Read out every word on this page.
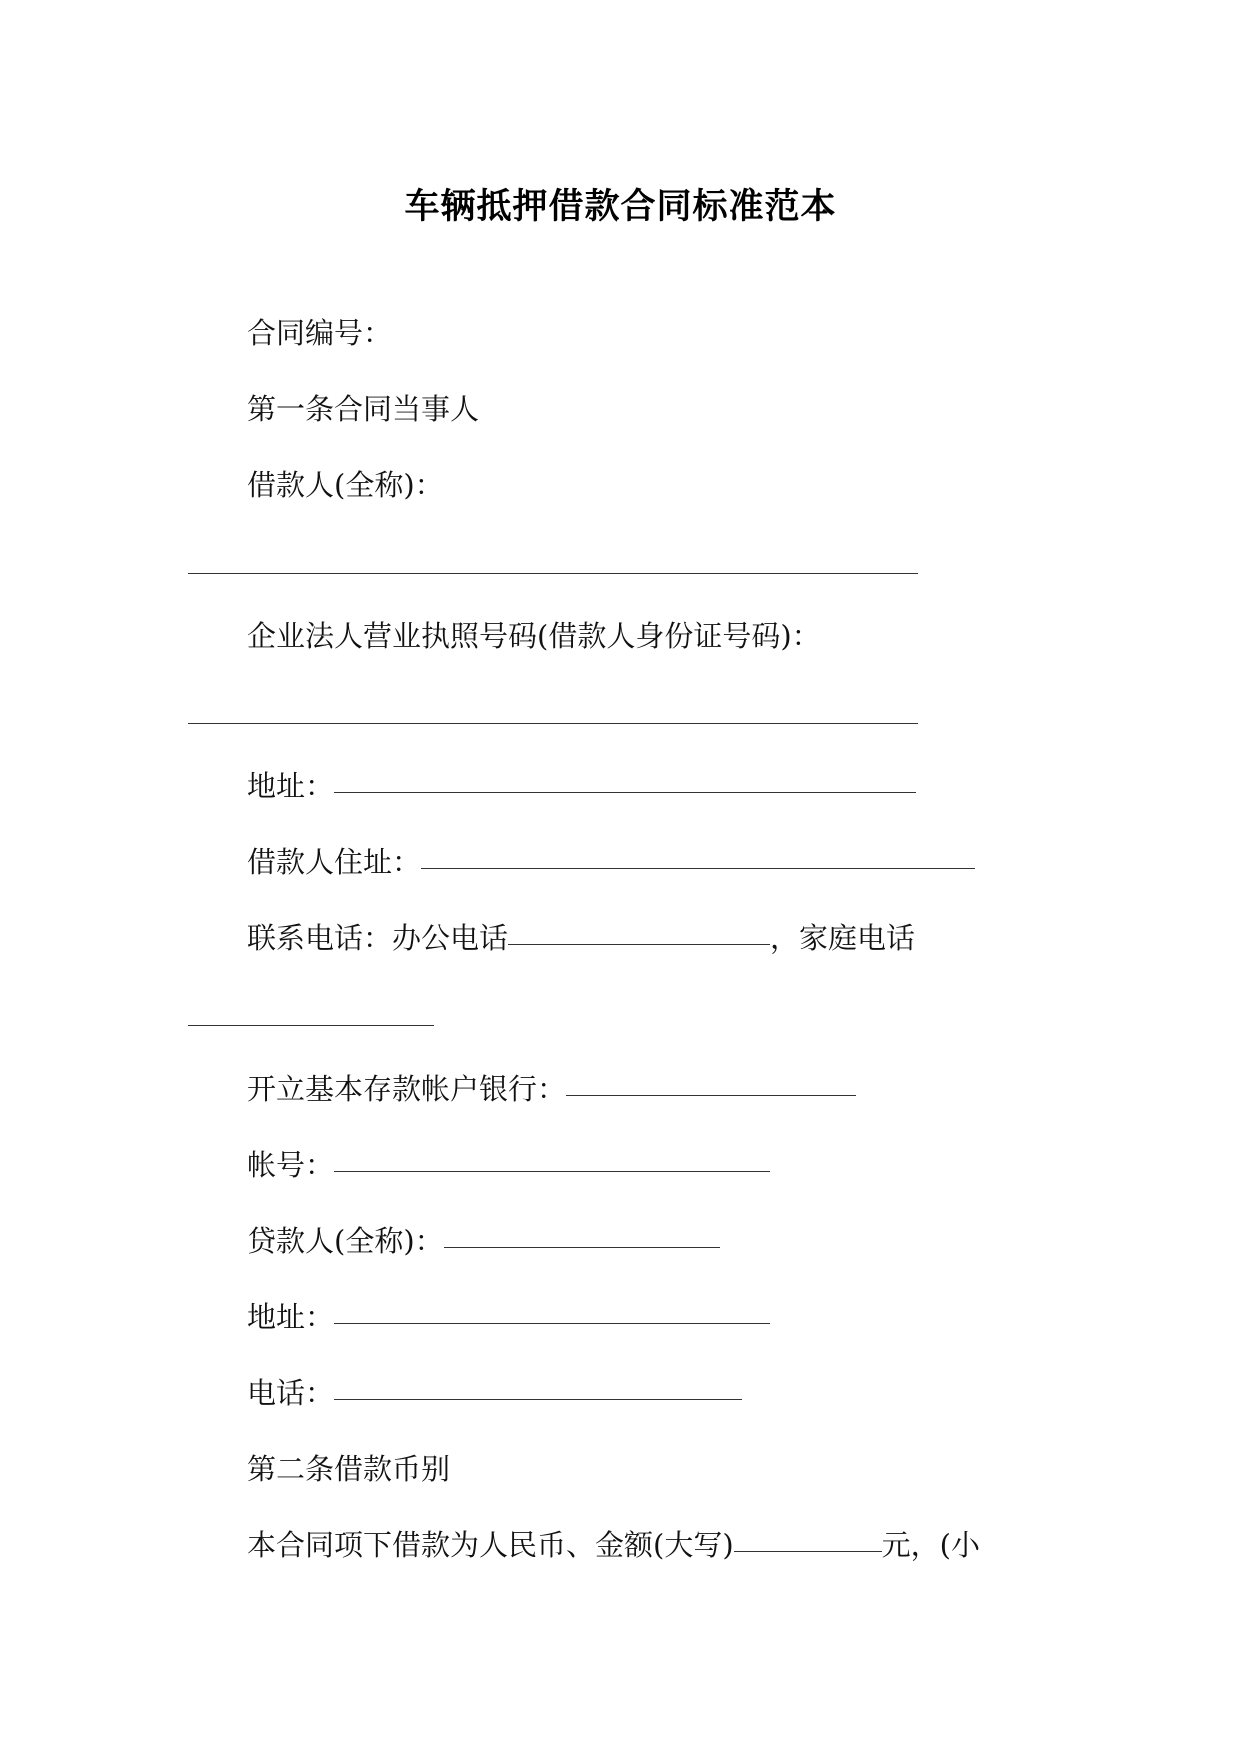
车辆抵押借款合同标准范本
合同编号：
第一条合同当事人
借款人(全称)：
企业法人营业执照号码(借款人身份证号码)：
地址：
借款人住址：
联系电话：办公电话	，家庭电话
开立基本存款帐户银行：
帐号：
贷款人(全称)：
地址：
电话：
第二条借款币别
本合同项下借款为人民币、金额(大写)	元，(小
